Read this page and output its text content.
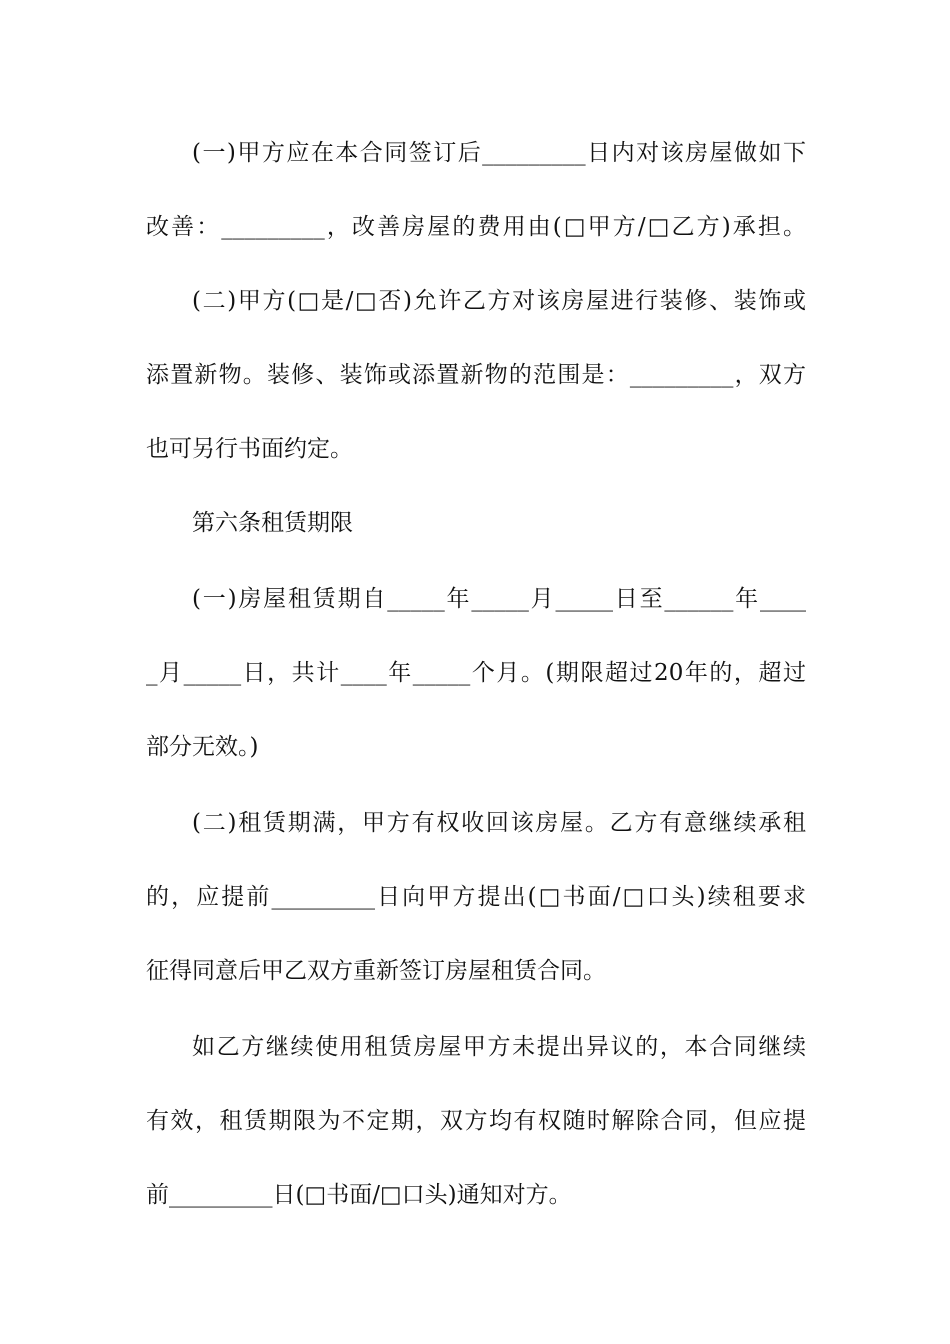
(一)甲方应在本合同签订后_________日内对该房屋做如下

改善：_________，改善房屋的费用由(□甲方/□乙方)承担。

(二)甲方(□是/□否)允许乙方对该房屋进行装修、装饰或

添置新物。装修、装饰或添置新物的范围是：_________，双方

也可另行书面约定。

第六条租赁期限

(一)房屋租赁期自_____年_____月_____日至______年____

_月_____日，共计____年_____个月。(期限超过20年的，超过

部分无效。)

(二)租赁期满，甲方有权收回该房屋。乙方有意继续承租

的，应提前_________日向甲方提出(□书面/□口头)续租要求

征得同意后甲乙双方重新签订房屋租赁合同。

如乙方继续使用租赁房屋甲方未提出异议的，本合同继续

有效，租赁期限为不定期，双方均有权随时解除合同，但应提

前_________日(□书面/□口头)通知对方。
